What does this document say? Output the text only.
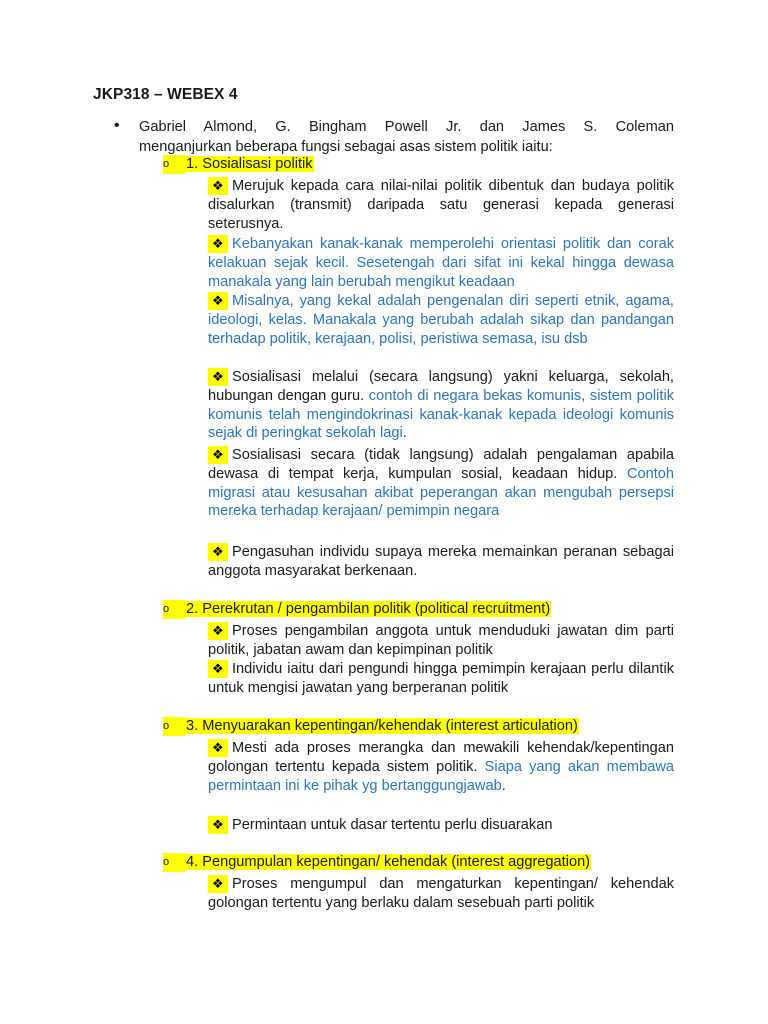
JKP318 – WEBEX 4
• Gabriel Almond, G. Bingham Powell Jr. dan James S. Coleman
menganjurkan beberapa fungsi sebagai asas sistem politik iaitu:
o 1. Sosialisasi politik
❖ Merujuk kepada cara nilai-nilai politik dibentuk dan budaya politik disalurkan (transmit) daripada satu generasi kepada generasi seterusnya.
❖ Kebanyakan kanak-kanak memperolehi orientasi politik dan corak kelakuan sejak kecil. Sesetengah dari sifat ini kekal hingga dewasa manakala yang lain berubah mengikut keadaan
❖ Misalnya, yang kekal adalah pengenalan diri seperti etnik, agama, ideologi, kelas. Manakala yang berubah adalah sikap dan pandangan terhadap politik, kerajaan, polisi, peristiwa semasa, isu dsb
❖ Sosialisasi melalui (secara langsung) yakni keluarga, sekolah, hubungan dengan guru. contoh di negara bekas komunis, sistem politik komunis telah mengindokrinasi kanak-kanak kepada ideologi komunis sejak di peringkat sekolah lagi.
❖ Sosialisasi secara (tidak langsung) adalah pengalaman apabila dewasa di tempat kerja, kumpulan sosial, keadaan hidup. Contoh migrasi atau kesusahan akibat peperangan akan mengubah persepsi mereka terhadap kerajaan/ pemimpin negara
❖ Pengasuhan individu supaya mereka memainkan peranan sebagai anggota masyarakat berkenaan.
o 2. Perekrutan / pengambilan politik (political recruitment)
❖ Proses pengambilan anggota untuk menduduki jawatan dim parti politik, jabatan awam dan kepimpinan politik
❖ Individu iaitu dari pengundi hingga pemimpin kerajaan perlu dilantik untuk mengisi jawatan yang berperanan politik
o 3. Menyuarakan kepentingan/kehendak (interest articulation)
❖ Mesti ada proses merangka dan mewakili kehendak/kepentingan golongan tertentu kepada sistem politik. Siapa yang akan membawa permintaan ini ke pihak yg bertanggungjawab.
❖ Permintaan untuk dasar tertentu perlu disuarakan
o 4. Pengumpulan kepentingan/ kehendak (interest aggregation)
❖ Proses mengumpul dan mengaturkan kepentingan/ kehendak golongan tertentu yang berlaku dalam sesebuah parti politik
